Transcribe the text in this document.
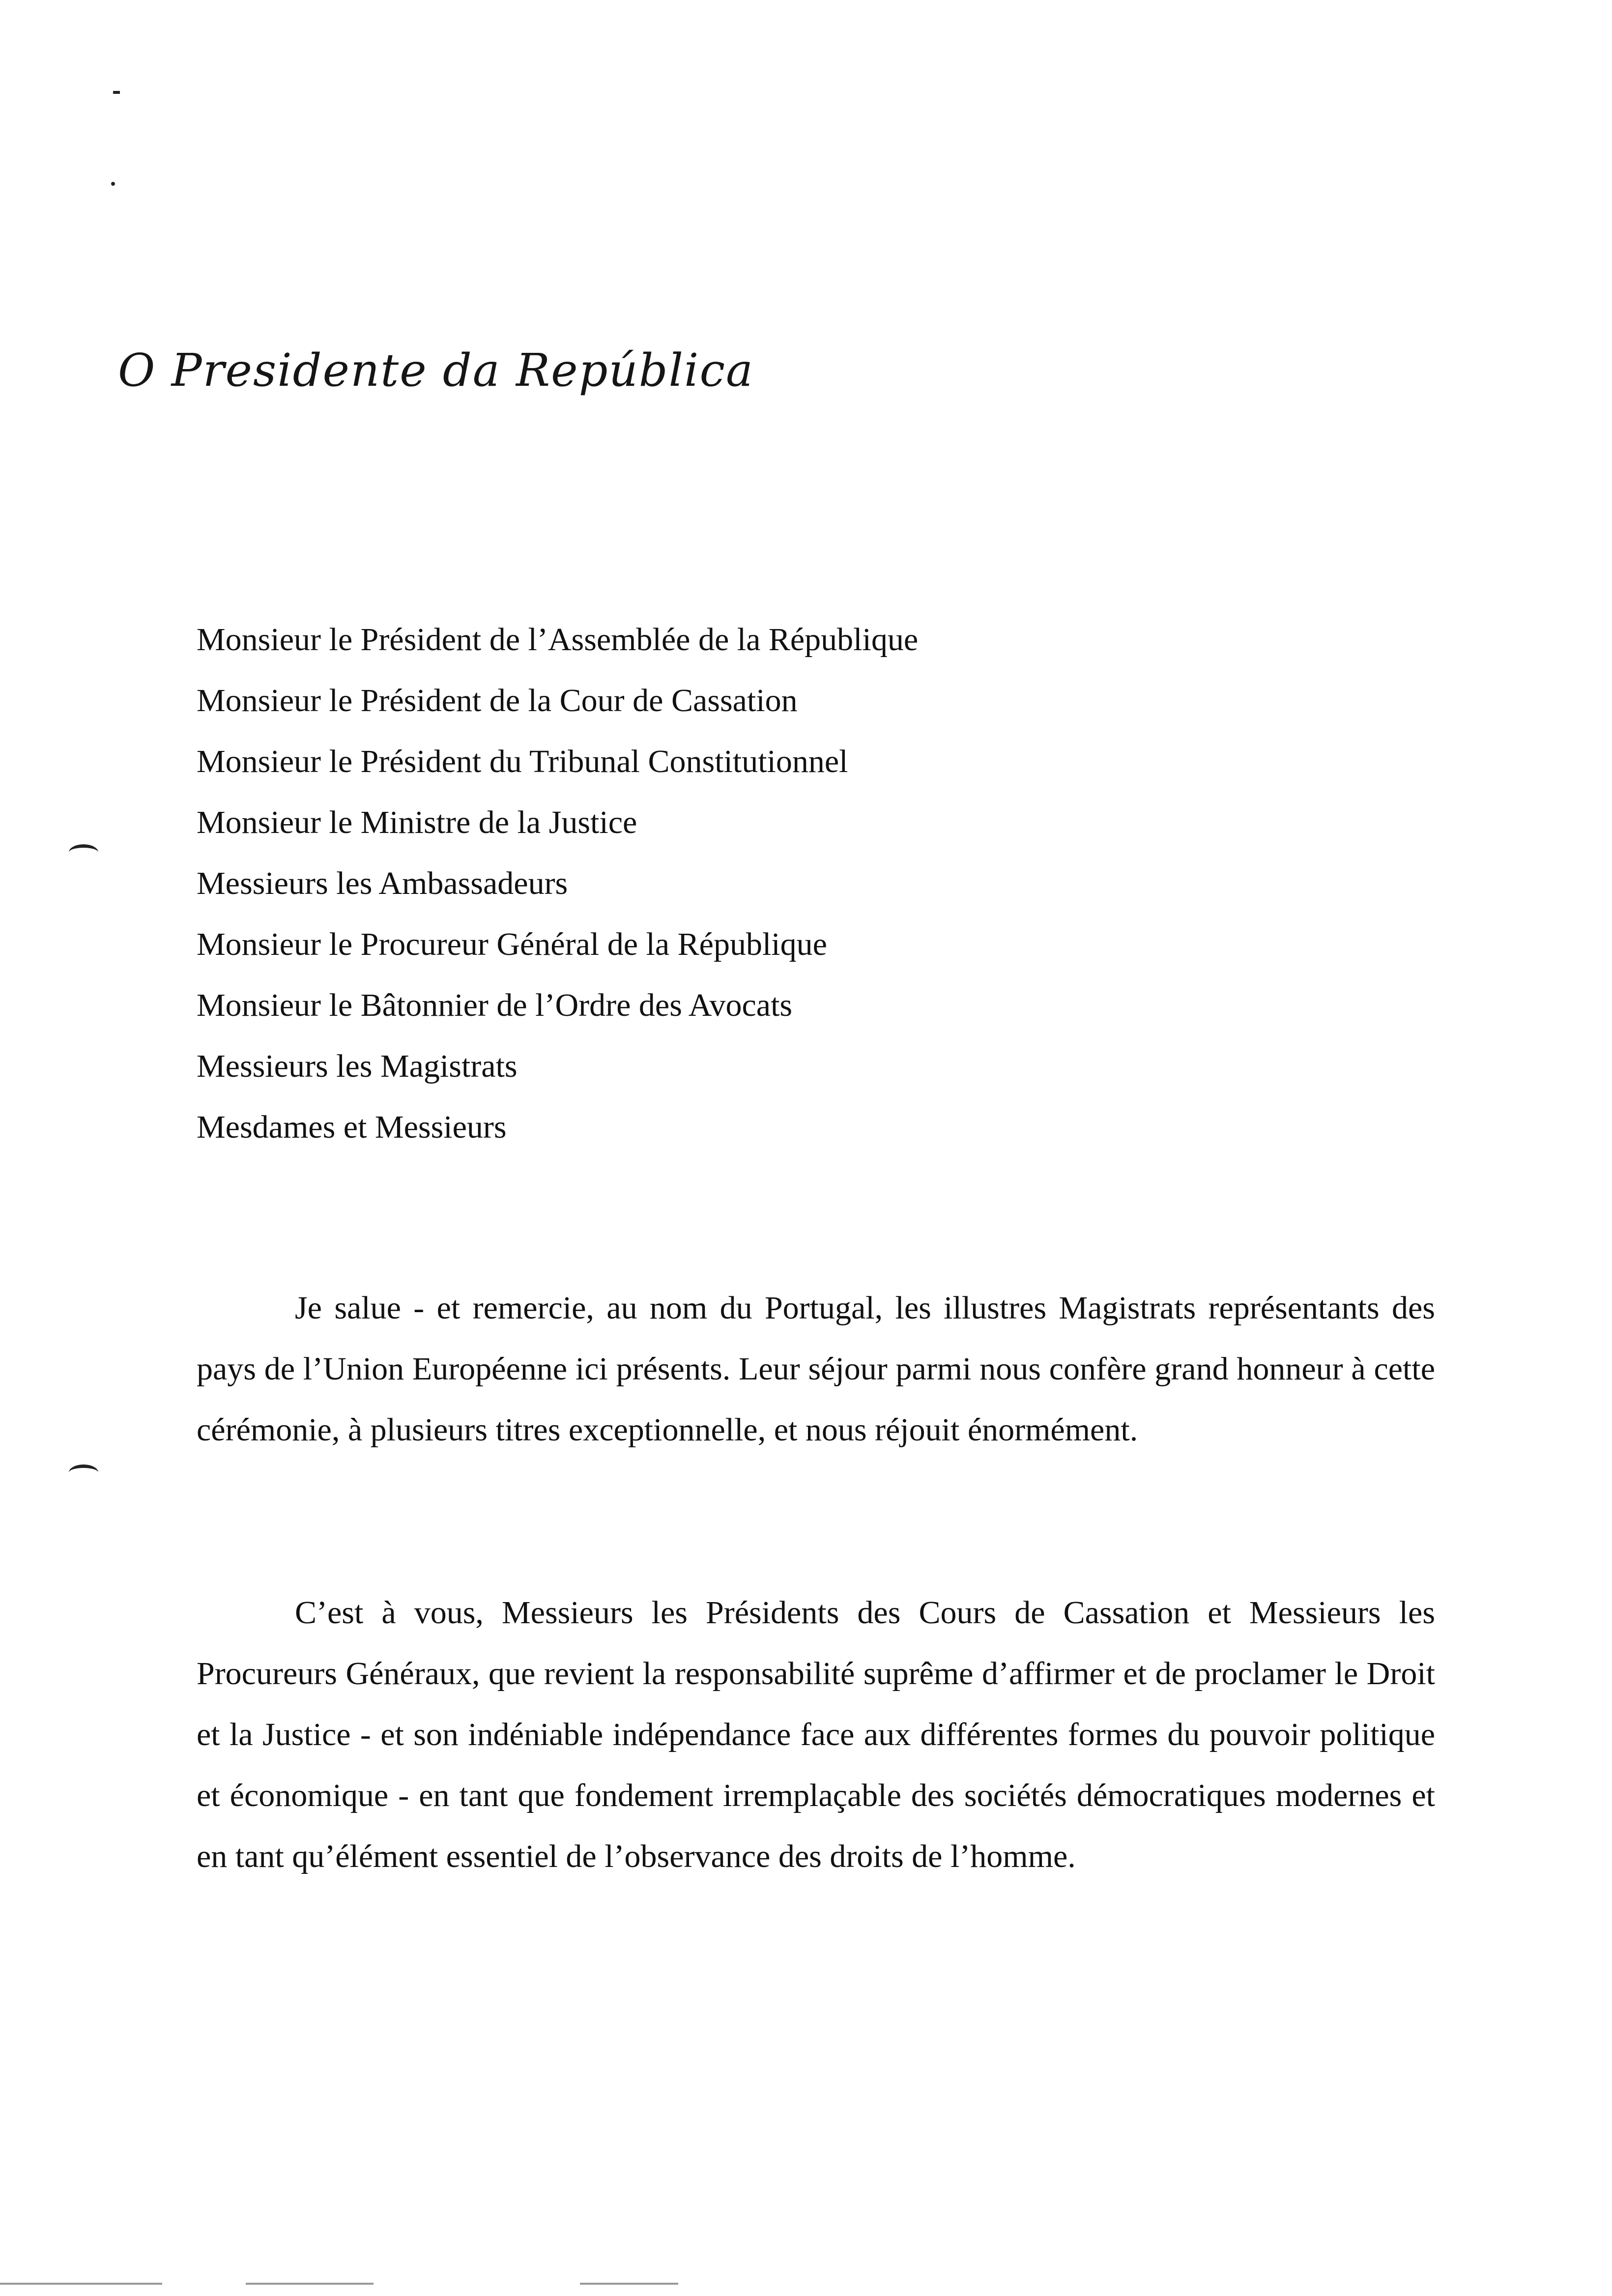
O Presidente da República
Monsieur le Président de l’Assemblée de la République
Monsieur le Président de la Cour de Cassation
Monsieur le Président du Tribunal Constitutionnel
Monsieur le Ministre de la Justice
Messieurs les Ambassadeurs
Monsieur le Procureur Général de la République
Monsieur le Bâtonnier de l’Ordre des Avocats
Messieurs les Magistrats
Mesdames et Messieurs

Je salue - et remercie, au nom du Portugal, les illustres Magistrats représentants des pays de l’Union Européenne ici présents. Leur séjour parmi nous confère grand honneur à cette cérémonie, à plusieurs titres exceptionnelle, et nous réjouit énormément.

C’est à vous, Messieurs les Présidents des Cours de Cassation et Messieurs les Procureurs Généraux, que revient la responsabilité suprême d’affirmer et de proclamer le Droit et la Justice - et son indéniable indépendance face aux différentes formes du pouvoir politique et économique - en tant que fondement irremplaçable des sociétés démocratiques modernes et en tant qu’élément essentiel de l’observance des droits de l’homme.
